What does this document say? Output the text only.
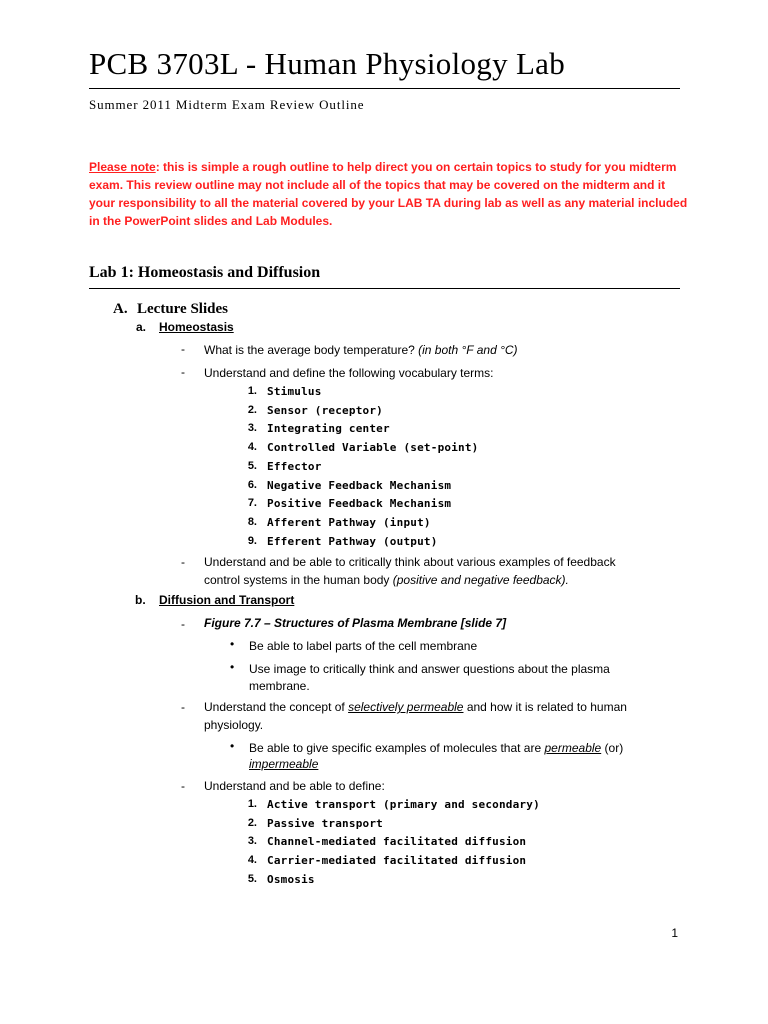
PCB 3703L - Human Physiology Lab
Summer 2011 Midterm Exam Review Outline
Please note: this is simple a rough outline to help direct you on certain topics to study for you midterm exam. This review outline may not include all of the topics that may be covered on the midterm and it your responsibility to all the material covered by your LAB TA during lab as well as any material included in the PowerPoint slides and Lab Modules.
Lab 1: Homeostasis and Diffusion
A. Lecture Slides
a. Homeostasis
- What is the average body temperature? (in both °F and °C)
- Understand and define the following vocabulary terms:
1. Stimulus
2. Sensor (receptor)
3. Integrating center
4. Controlled Variable (set-point)
5. Effector
6. Negative Feedback Mechanism
7. Positive Feedback Mechanism
8. Afferent Pathway (input)
9. Efferent Pathway (output)
- Understand and be able to critically think about various examples of feedback
control systems in the human body (positive and negative feedback).
b. Diffusion and Transport
- Figure 7.7 – Structures of Plasma Membrane [slide 7]
• Be able to label parts of the cell membrane
• Use image to critically think and answer questions about the plasma
membrane.
- Understand the concept of selectively permeable and how it is related to human
physiology.
• Be able to give specific examples of molecules that are permeable (or)
impermeable
- Understand and be able to define:
1. Active transport (primary and secondary)
2. Passive transport
3. Channel-mediated facilitated diffusion
4. Carrier-mediated facilitated diffusion
5. Osmosis
1
